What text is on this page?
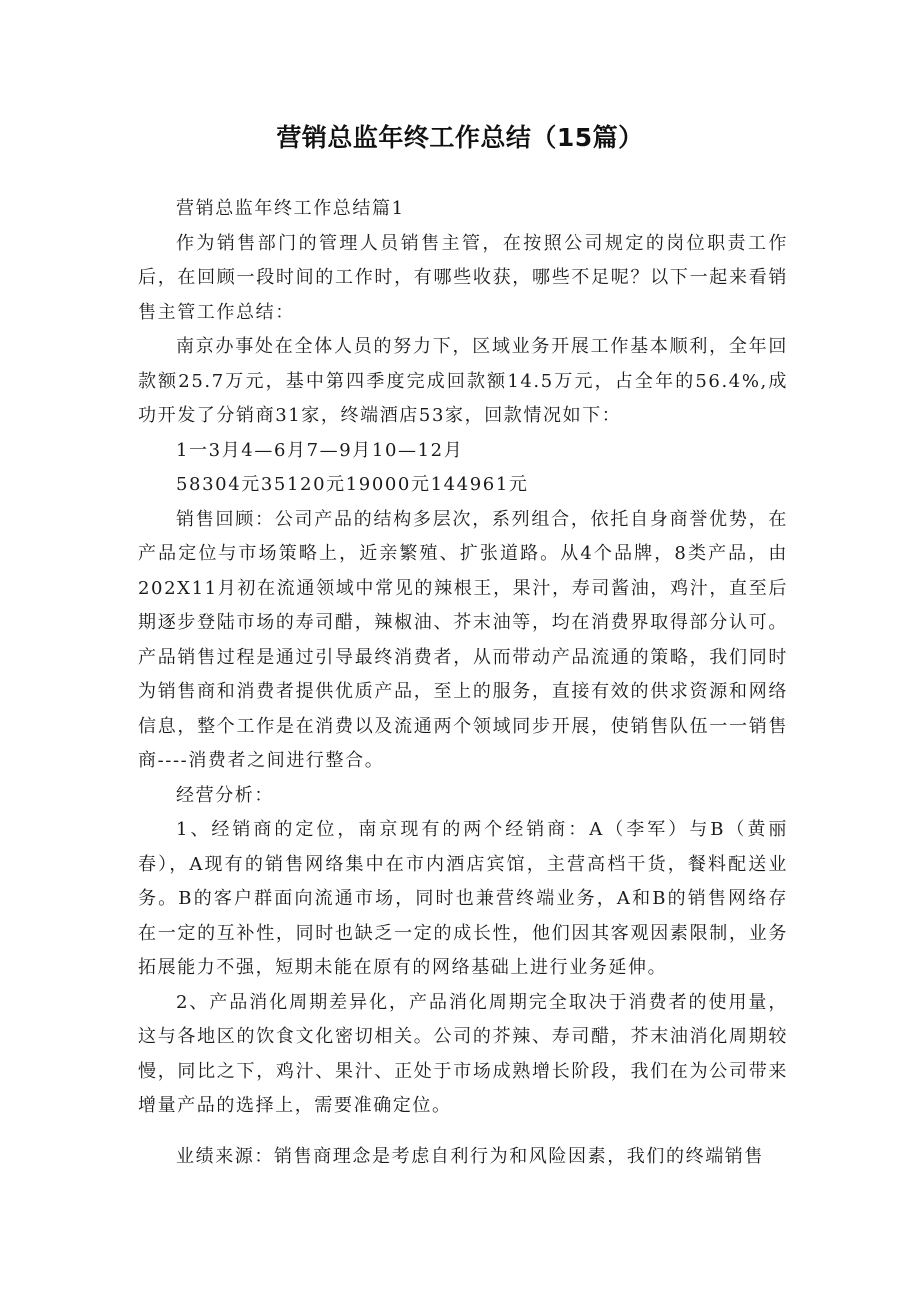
营销总监年终工作总结（15篇）

营销总监年终工作总结篇1

作为销售部门的管理人员销售主管，在按照公司规定的岗位职责工作后，在回顾一段时间的工作时，有哪些收获，哪些不足呢？以下一起来看销售主管工作总结：

南京办事处在全体人员的努力下，区域业务开展工作基本顺利，全年回款额25.7万元，基中第四季度完成回款额14.5万元，占全年的56.4%,成功开发了分销商31家，终端酒店53家，回款情况如下：

1一3月4—6月7—9月10—12月

58304元35120元19000元144961元

销售回顾：公司产品的结构多层次，系列组合，依托自身商誉优势，在产品定位与市场策略上，近亲繁殖、扩张道路。从4个品牌，8类产品，由202X11月初在流通领域中常见的辣根王，果汁，寿司酱油，鸡汁，直至后期逐步登陆市场的寿司醋，辣椒油、芥末油等，均在消费界取得部分认可。产品销售过程是通过引导最终消费者，从而带动产品流通的策略，我们同时为销售商和消费者提供优质产品，至上的服务，直接有效的供求资源和网络信息，整个工作是在消费以及流通两个领域同步开展，使销售队伍一一销售商----消费者之间进行整合。

经营分析：

1、经销商的定位，南京现有的两个经销商：A（李军）与B（黄丽春），A现有的销售网络集中在市内酒店宾馆，主营高档干货，餐料配送业务。B的客户群面向流通市场，同时也兼营终端业务，A和B的销售网络存在一定的互补性，同时也缺乏一定的成长性，他们因其客观因素限制，业务拓展能力不强，短期未能在原有的网络基础上进行业务延伸。

2、产品消化周期差异化，产品消化周期完全取决于消费者的使用量，这与各地区的饮食文化密切相关。公司的芥辣、寿司醋，芥末油消化周期较慢，同比之下，鸡汁、果汁、正处于市场成熟增长阶段，我们在为公司带来增量产品的选择上，需要准确定位。

业绩来源：销售商理念是考虑自利行为和风险因素，我们的终端销售
